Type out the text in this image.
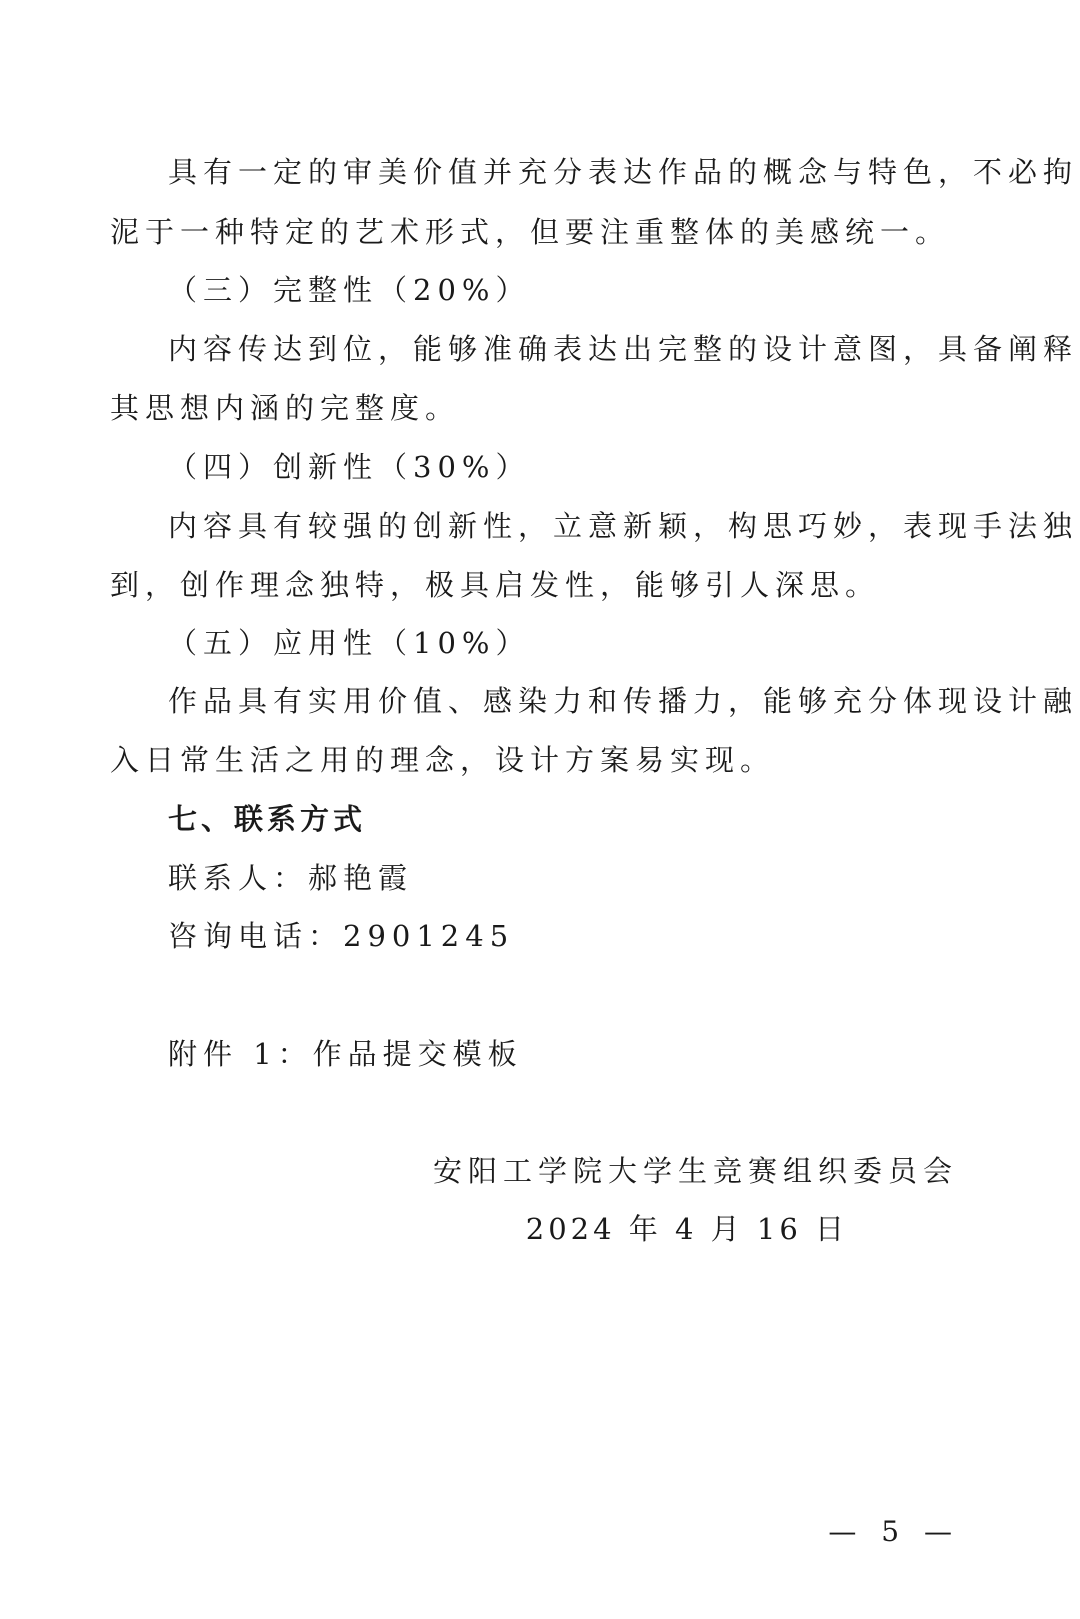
具有一定的审美价值并充分表达作品的概念与特色，不必拘
泥于一种特定的艺术形式，但要注重整体的美感统一。
（三）完整性（20%）
内容传达到位，能够准确表达出完整的设计意图，具备阐释
其思想内涵的完整度。
（四）创新性（30%）
内容具有较强的创新性，立意新颖，构思巧妙，表现手法独
到，创作理念独特，极具启发性，能够引人深思。
（五）应用性（10%）
作品具有实用价值、感染力和传播力，能够充分体现设计融
入日常生活之用的理念，设计方案易实现。
七、联系方式
联系人：郝艳霞
咨询电话：2901245
附件 1：作品提交模板
安阳工学院大学生竞赛组织委员会
2024 年 4 月 16 日
— 5 —
